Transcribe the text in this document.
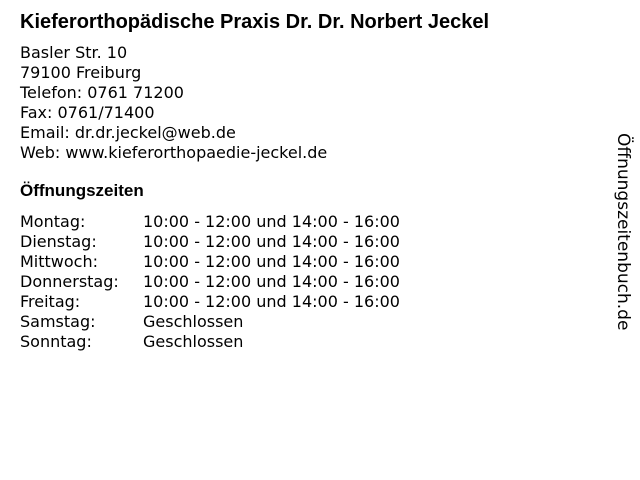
Kieferorthopädische Praxis Dr. Dr. Norbert Jeckel
Basler Str. 10
79100 Freiburg
Telefon: 0761 71200
Fax: 0761/71400
Email: dr.dr.jeckel@web.de
Web: www.kieferorthopaedie-jeckel.de
Öffnungszeiten
Montag:	10:00 - 12:00 und 14:00 - 16:00
Dienstag:	10:00 - 12:00 und 14:00 - 16:00
Mittwoch:	10:00 - 12:00 und 14:00 - 16:00
Donnerstag:	10:00 - 12:00 und 14:00 - 16:00
Freitag:	10:00 - 12:00 und 14:00 - 16:00
Samstag:	Geschlossen
Sonntag:	Geschlossen
Öffnungszeitenbuch.de
